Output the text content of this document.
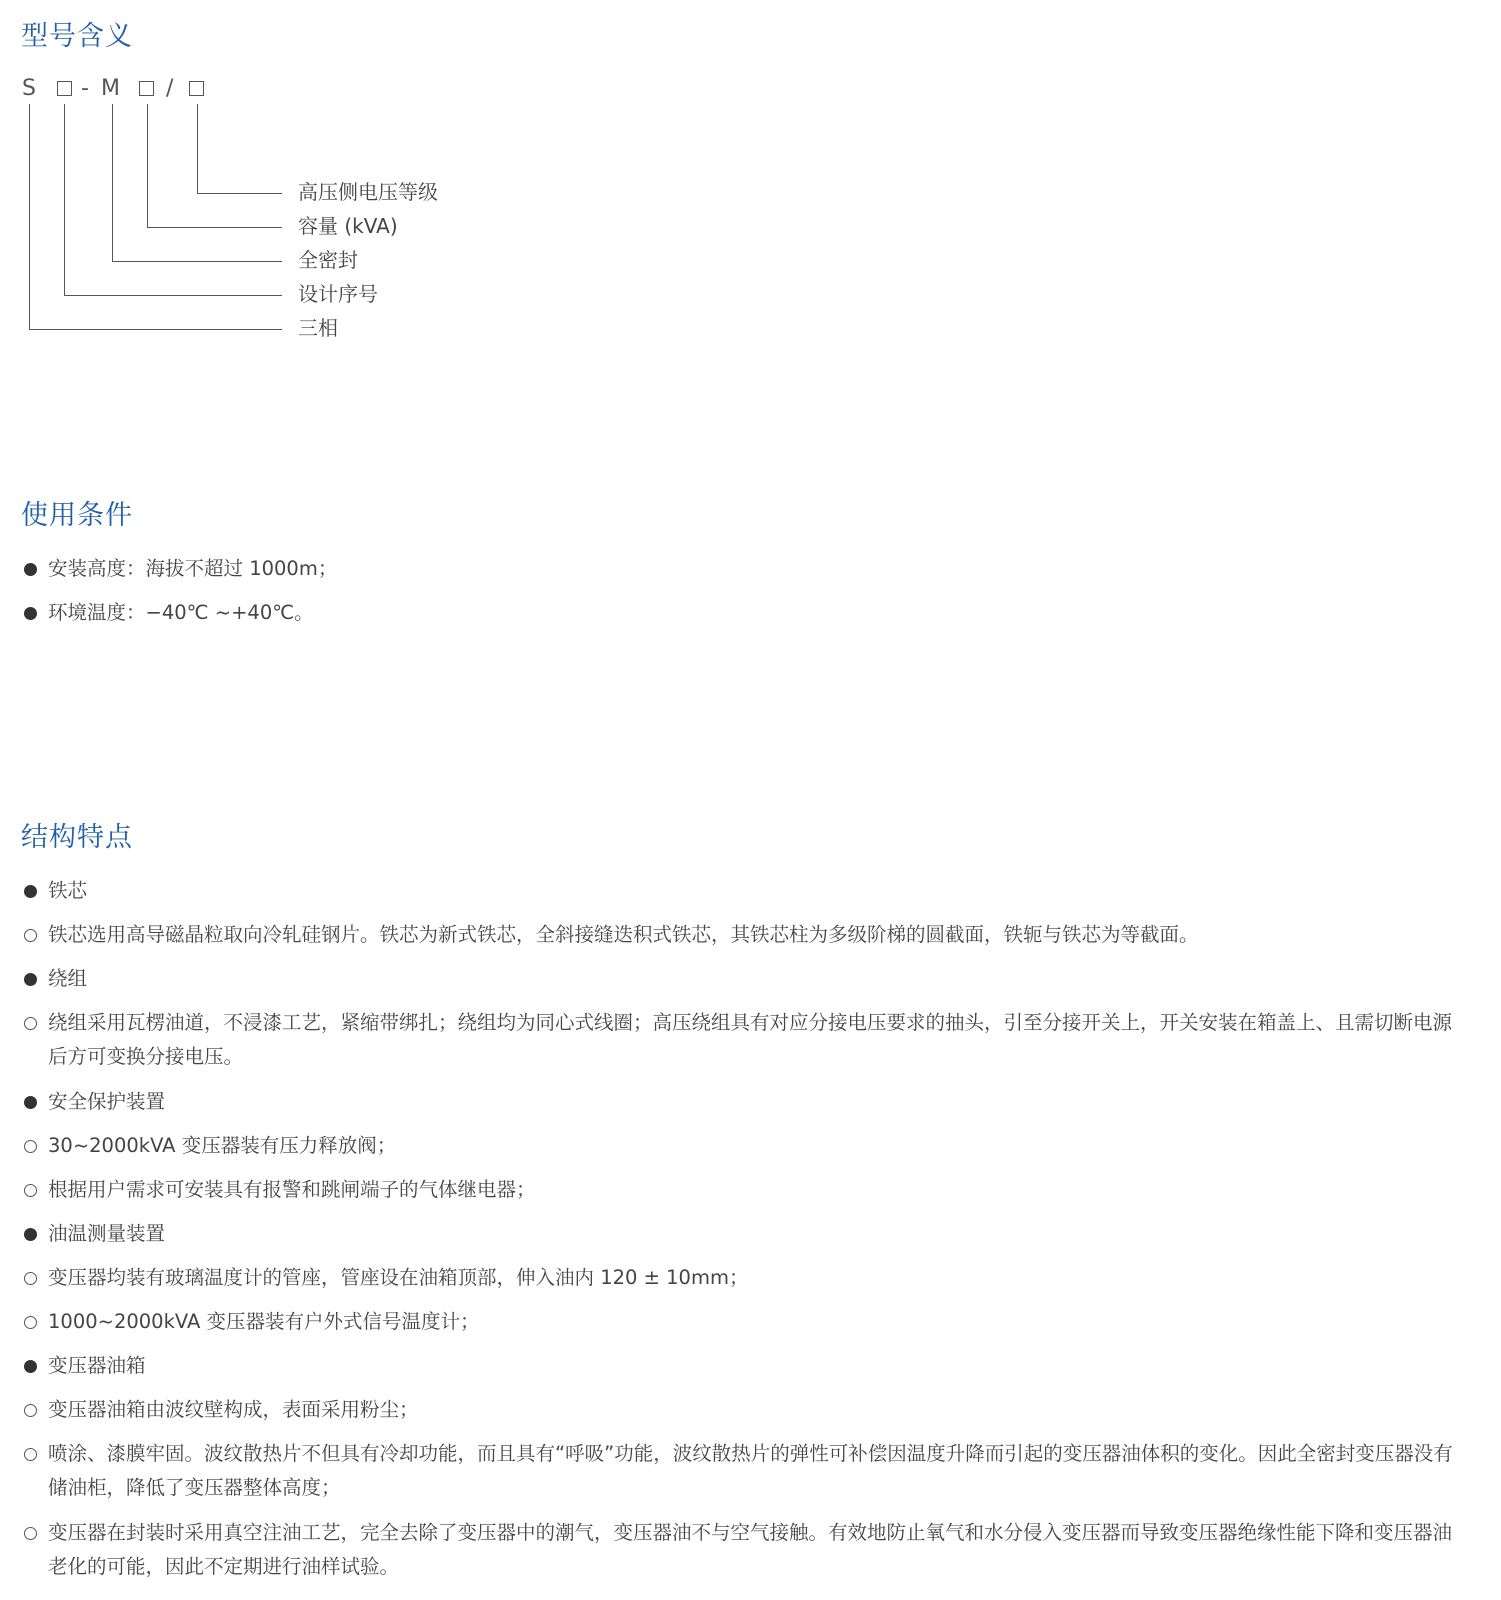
型号含义
S - M /
高压侧电压等级
容量 (kVA)
全密封
设计序号
三相
使用条件
安装高度：海拔不超过 1000m；
环境温度：−40℃ ~+40℃。
结构特点
铁芯
铁芯选用高导磁晶粒取向冷轧硅钢片。铁芯为新式铁芯，全斜接缝迭积式铁芯，其铁芯柱为多级阶梯的圆截面，铁轭与铁芯为等截面。
绕组
绕组采用瓦楞油道，不浸漆工艺，紧缩带绑扎；绕组均为同心式线圈；高压绕组具有对应分接电压要求的抽头，引至分接开关上，开关安装在箱盖上、且需切断电源后方可变换分接电压。
安全保护装置
30~2000kVA 变压器装有压力释放阀；
根据用户需求可安装具有报警和跳闸端子的气体继电器；
油温测量装置
变压器均装有玻璃温度计的管座，管座设在油箱顶部，伸入油内 120 ± 10mm；
1000~2000kVA 变压器装有户外式信号温度计；
变压器油箱
变压器油箱由波纹壁构成，表面采用粉尘；
喷涂、漆膜牢固。波纹散热片不但具有冷却功能，而且具有“呼吸”功能，波纹散热片的弹性可补偿因温度升降而引起的变压器油体积的变化。因此全密封变压器没有储油柜，降低了变压器整体高度；
变压器在封装时采用真空注油工艺，完全去除了变压器中的潮气，变压器油不与空气接触。有效地防止氧气和水分侵入变压器而导致变压器绝缘性能下降和变压器油老化的可能，因此不定期进行油样试验。
